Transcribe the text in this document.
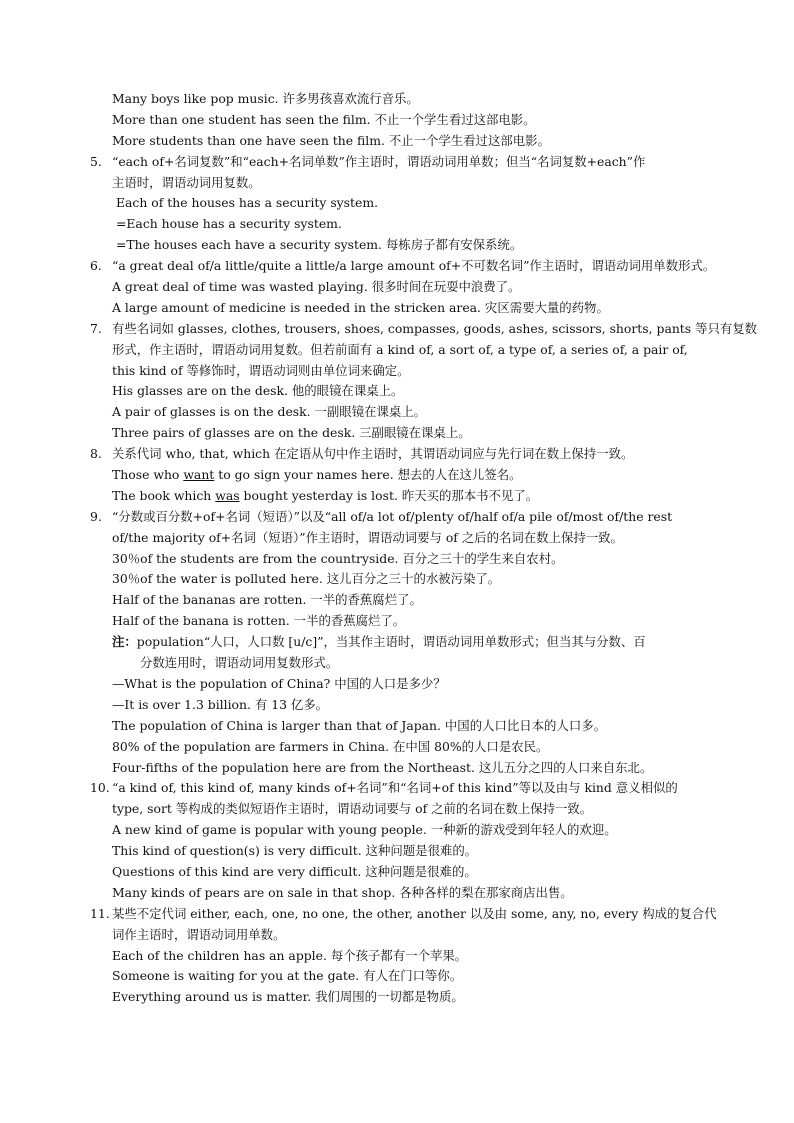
Many boys like pop music. 许多男孩喜欢流行音乐。
More than one student has seen the film. 不止一个学生看过这部电影。
More students than one have seen the film. 不止一个学生看过这部电影。
5. “each of+名词复数”和“each+名词单数”作主语时，谓语动词用单数；但当“名词复数+each”作
主语时，谓语动词用复数。
Each of the houses has a security system.
=Each house has a security system.
=The houses each have a security system. 每栋房子都有安保系统。
6. “a great deal of/a little/quite a little/a large amount of+不可数名词”作主语时，谓语动词用单数形式。
A great deal of time was wasted playing. 很多时间在玩耍中浪费了。
A large amount of medicine is needed in the stricken area. 灾区需要大量的药物。
7. 有些名词如 glasses, clothes, trousers, shoes, compasses, goods, ashes, scissors, shorts, pants 等只有复数
形式，作主语时，谓语动词用复数。但若前面有 a kind of, a sort of, a type of, a series of, a pair of,
this kind of 等修饰时，谓语动词则由单位词来确定。
His glasses are on the desk. 他的眼镜在课桌上。
A pair of glasses is on the desk. 一副眼镜在课桌上。
Three pairs of glasses are on the desk. 三副眼镜在课桌上。
8. 关系代词 who, that, which 在定语从句中作主语时，其谓语动词应与先行词在数上保持一致。
Those who want to go sign your names here. 想去的人在这儿签名。
The book which was bought yesterday is lost. 昨天买的那本书不见了。
9. “分数或百分数+of+名词（短语）”以及“all of/a lot of/plenty of/half of/a pile of/most of/the rest
of/the majority of+名词（短语）”作主语时，谓语动词要与 of 之后的名词在数上保持一致。
30％of the students are from the countryside. 百分之三十的学生来自农村。
30％of the water is polluted here. 这儿百分之三十的水被污染了。
Half of the bananas are rotten. 一半的香蕉腐烂了。
Half of the banana is rotten. 一半的香蕉腐烂了。
注：population“人口，人口数 [u/c]”，当其作主语时，谓语动词用单数形式；但当其与分数、百
分数连用时，谓语动词用复数形式。
—What is the population of China? 中国的人口是多少？
—It is over 1.3 billion. 有 13 亿多。
The population of China is larger than that of Japan. 中国的人口比日本的人口多。
80% of the population are farmers in China. 在中国 80%的人口是农民。
Four-fifths of the population here are from the Northeast. 这儿五分之四的人口来自东北。
10. “a kind of, this kind of, many kinds of+名词”和“名词+of this kind”等以及由与 kind 意义相似的
type, sort 等构成的类似短语作主语时，谓语动词要与 of 之前的名词在数上保持一致。
A new kind of game is popular with young people. 一种新的游戏受到年轻人的欢迎。
This kind of question(s) is very difficult. 这种问题是很难的。
Questions of this kind are very difficult. 这种问题是很难的。
Many kinds of pears are on sale in that shop. 各种各样的梨在那家商店出售。
11. 某些不定代词 either, each, one, no one, the other, another 以及由 some, any, no, every 构成的复合代
词作主语时，谓语动词用单数。
Each of the children has an apple. 每个孩子都有一个苹果。
Someone is waiting for you at the gate. 有人在门口等你。
Everything around us is matter. 我们周围的一切都是物质。
